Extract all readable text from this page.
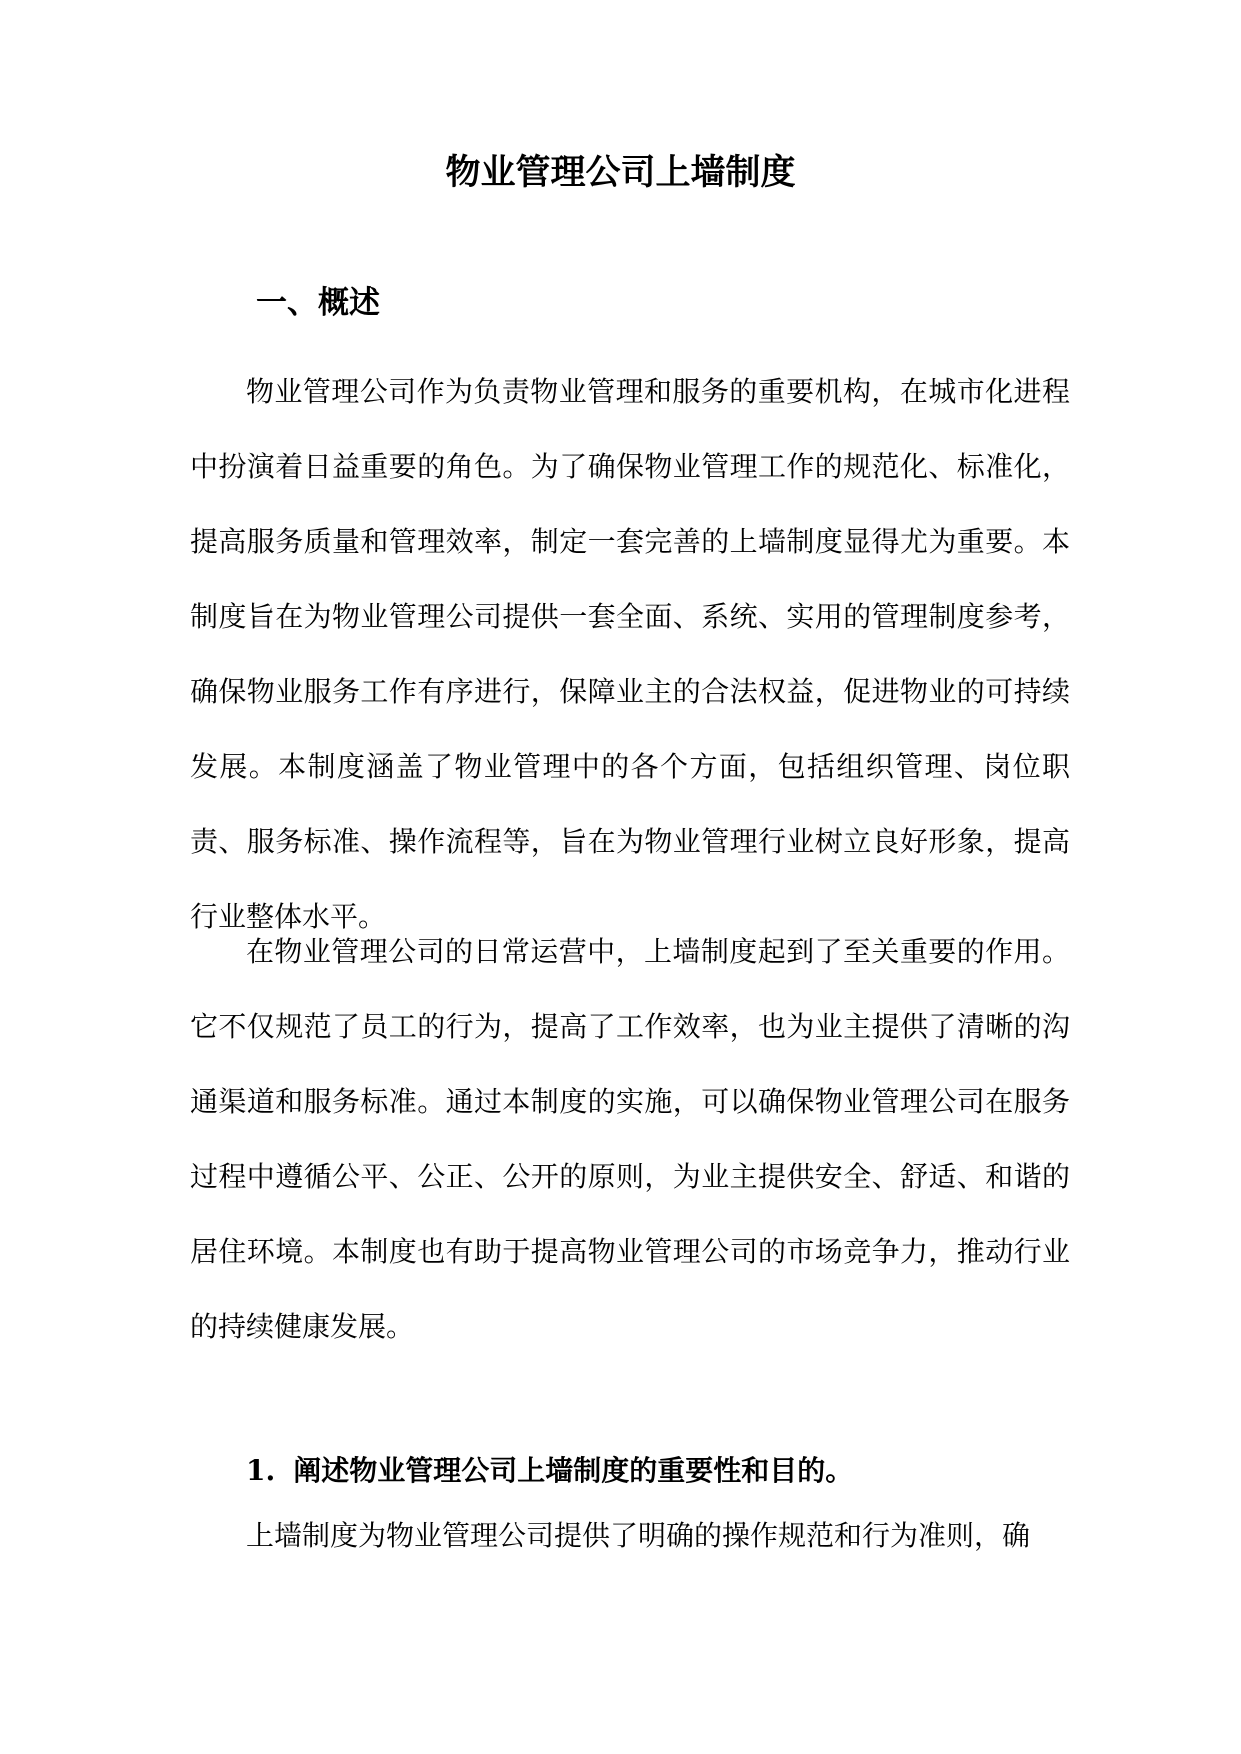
物业管理公司上墙制度
一、概述

物业管理公司作为负责物业管理和服务的重要机构，在城市化进程中扮演着日益重要的角色。为了确保物业管理工作的规范化、标准化，提高服务质量和管理效率，制定一套完善的上墙制度显得尤为重要。本制度旨在为物业管理公司提供一套全面、系统、实用的管理制度参考，确保物业服务工作有序进行，保障业主的合法权益，促进物业的可持续发展。本制度涵盖了物业管理中的各个方面，包括组织管理、岗位职责、服务标准、操作流程等，旨在为物业管理行业树立良好形象，提高行业整体水平。

在物业管理公司的日常运营中，上墙制度起到了至关重要的作用。它不仅规范了员工的行为，提高了工作效率，也为业主提供了清晰的沟通渠道和服务标准。通过本制度的实施，可以确保物业管理公司在服务过程中遵循公平、公正、公开的原则，为业主提供安全、舒适、和谐的居住环境。本制度也有助于提高物业管理公司的市场竞争力，推动行业的持续健康发展。

1. 阐述物业管理公司上墙制度的重要性和目的。

上墙制度为物业管理公司提供了明确的操作规范和行为准则，确
